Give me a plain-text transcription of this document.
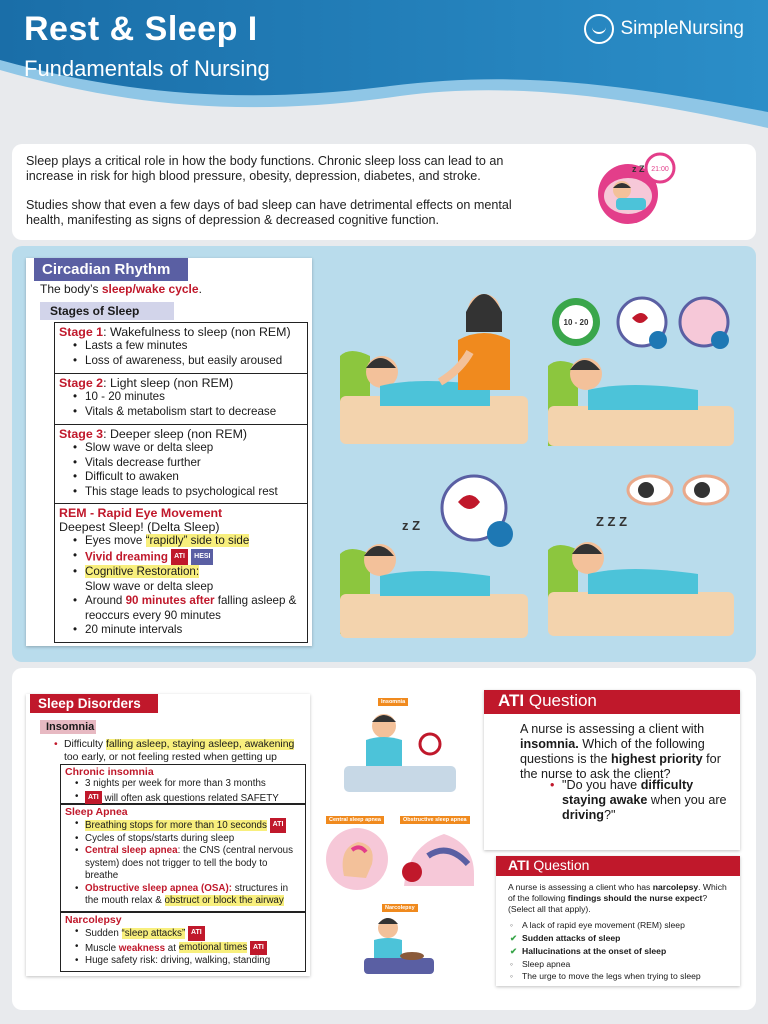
Rest & Sleep I
Fundamentals of Nursing
SimpleNursing

Sleep plays a critical role in how the body functions. Chronic sleep loss can lead to an increase in risk for high blood pressure, obesity, depression, diabetes, and stroke.

Studies show that even a few days of bad sleep can have detrimental effects on mental health, manifesting as signs of depression & decreased cognitive function.

21:00
z Z
Circadian Rhythm
The body’s sleep/wake cycle.
Stages of Sleep
Stage 1: Wakefulness to sleep (non REM)
• Lasts a few minutes
• Loss of awareness, but easily aroused
Stage 2: Light sleep (non REM)
• 10 - 20 minutes
• Vitals & metabolism start to decrease
Stage 3: Deeper sleep (non REM)
• Slow wave or delta sleep
• Vitals decrease further
• Difficult to awaken
• This stage leads to psychological rest
REM - Rapid Eye Movement
Deepest Sleep! (Delta Sleep)
• Eyes move “rapidly” side to side
• Vivid dreaming ATI HESI
• Cognitive Restoration:
Slow wave or delta sleep
• Around 90 minutes after falling asleep & reoccurs every 90 minutes
• 20 minute intervals
10 - 20
z Z	Z Z Z
Sleep Disorders
Insomnia
• Difficulty falling asleep, staying asleep, awakening too early, or not feeling rested when getting up
Chronic insomnia
• 3 nights per week for more than 3 months
• ATI will often ask questions related SAFETY
Sleep Apnea
• Breathing stops for more than 10 seconds ATI
• Cycles of stops/starts during sleep
• Central sleep apnea: the CNS (central nervous system) does not trigger to tell the body to breathe
• Obstructive sleep apnea (OSA): structures in the mouth relax & obstruct or block the airway
Narcolepsy
• Sudden “sleep attacks” ATI
• Muscle weakness at emotional times ATI
• Huge safety risk: driving, walking, standing
Insomnia
Central sleep apnea	Obstructive sleep apnea
Narcolepsy
ATI Question
A nurse is assessing a client with insomnia. Which of the following questions is the highest priority for the nurse to ask the client?
• "Do you have difficulty staying awake when you are driving?"
ATI Question
A nurse is assessing a client who has narcolepsy. Which of the following findings should the nurse expect? (Select all that apply).
◦ A lack of rapid eye movement (REM) sleep
✔ Sudden attacks of sleep
✔ Hallucinations at the onset of sleep
◦ Sleep apnea
◦ The urge to move the legs when trying to sleep
